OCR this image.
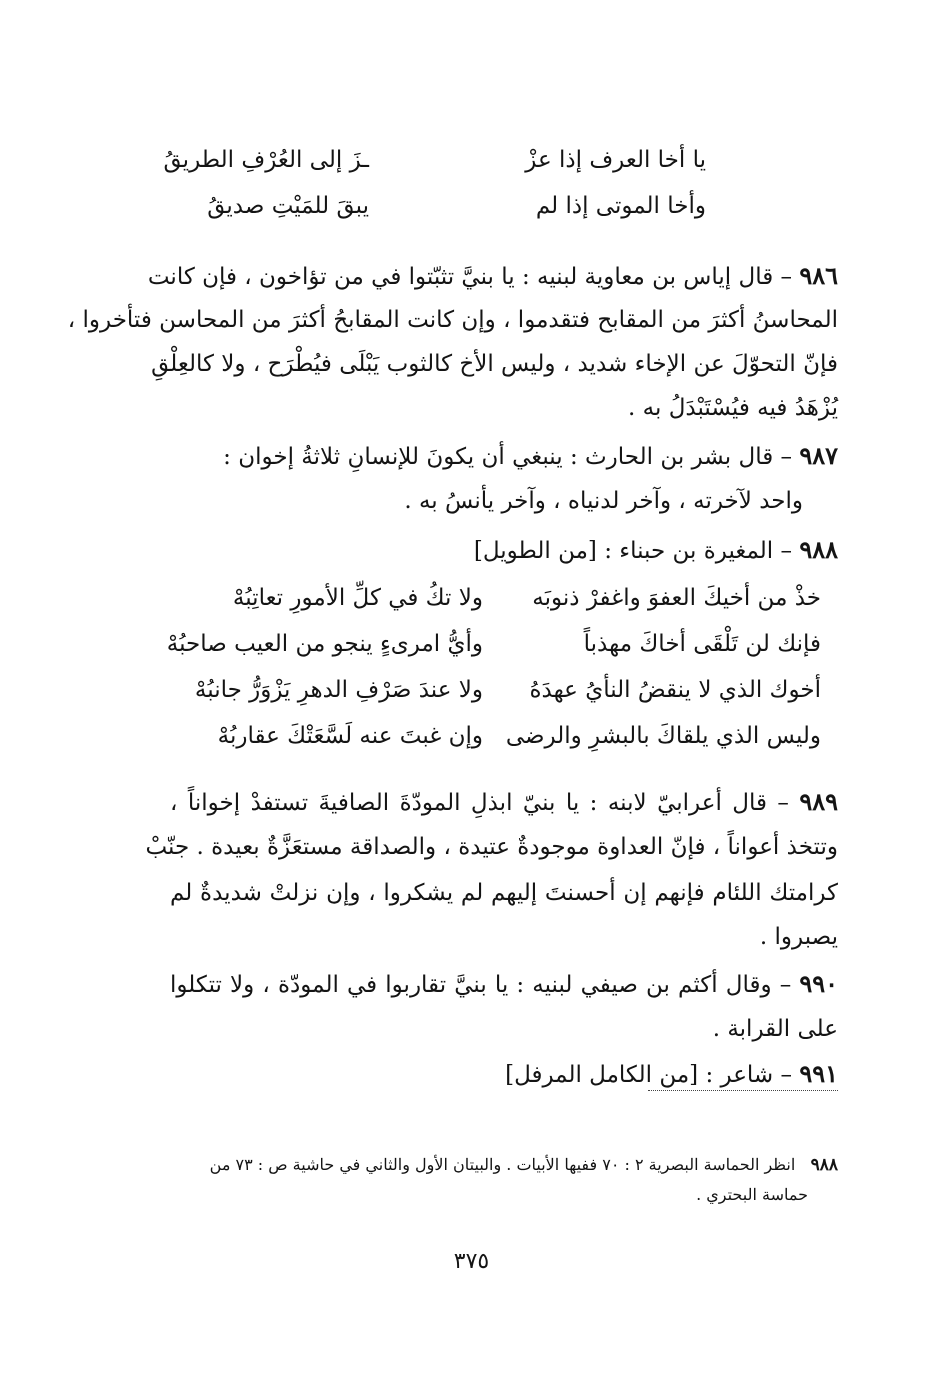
يا أخا العرف إذا عزْ
ـزَ إلى العُرْفِ الطريقُ
وأخا الموتى إذا لم
يبقَ للمَيْتِ صديقُ
٩٨٦ – قال إياس بن معاوية لبنيه : يا بنيَّ تثبّتوا في من تؤاخون ، فإن كانت
المحاسنُ أكثرَ من المقابح فتقدموا ، وإن كانت المقابحُ أكثرَ من المحاسن فتأخروا ،
فإنّ التحوّلَ عن الإخاء شديد ، وليس الأخ كالثوب يَبْلَى فيُطْرَح ، ولا كالعِلْقِ
يُزْهَدُ فيه فيُسْتَبْدَلُ به .
٩٨٧ – قال بشر بن الحارث : ينبغي أن يكونَ للإنسانِ ثلاثةُ إخوان :
واحد لآخرته ، وآخر لدنياه ، وآخر يأنسُ به .
٩٨٨ – المغيرة بن حبناء : [من الطويل]
خذْ من أخيكَ العفوَ واغفرْ ذنوبَه
ولا تكُ في كلِّ الأمورِ تعاتِبُهْ
فإنك لن تَلْقَى أخاكَ مهذباً
وأيُّ امرىءٍ ينجو من العيب صاحبُهْ
أخوك الذي لا ينقضُ النأيُ عهدَهُ
ولا عندَ صَرْفِ الدهرِ يَزْوَرُّ جانبُهْ
وليس الذي يلقاكَ بالبشرِ والرضى
وإن غبتَ عنه لَسَّعَتْكَ عقاربُهْ
٩٨٩ – قال أعرابيّ لابنه : يا بنيّ ابذلِ المودّةَ الصافيةَ تستفدْ إخواناً ،
وتتخذ أعواناً ، فإنّ العداوة موجودةٌ عتيدة ، والصداقة مستعَزَّةٌ بعيدة . جنّبْ
كرامتك اللئام فإنهم إن أحسنتَ إليهم لم يشكروا ، وإن نزلتْ شديدةٌ لم
يصبروا .
٩٩٠ – وقال أكثم بن صيفي لبنيه : يا بنيَّ تقاربوا في المودّة ، ولا تتكلوا
على القرابة .
٩٩١ – شاعر : [من الكامل المرفل]
٩٨٨   انظر الحماسة البصرية ٢ : ٧٠ ففيها الأبيات . والبيتان الأول والثاني في حاشية ص : ٧٣ من
حماسة البحتري .
٣٧٥
